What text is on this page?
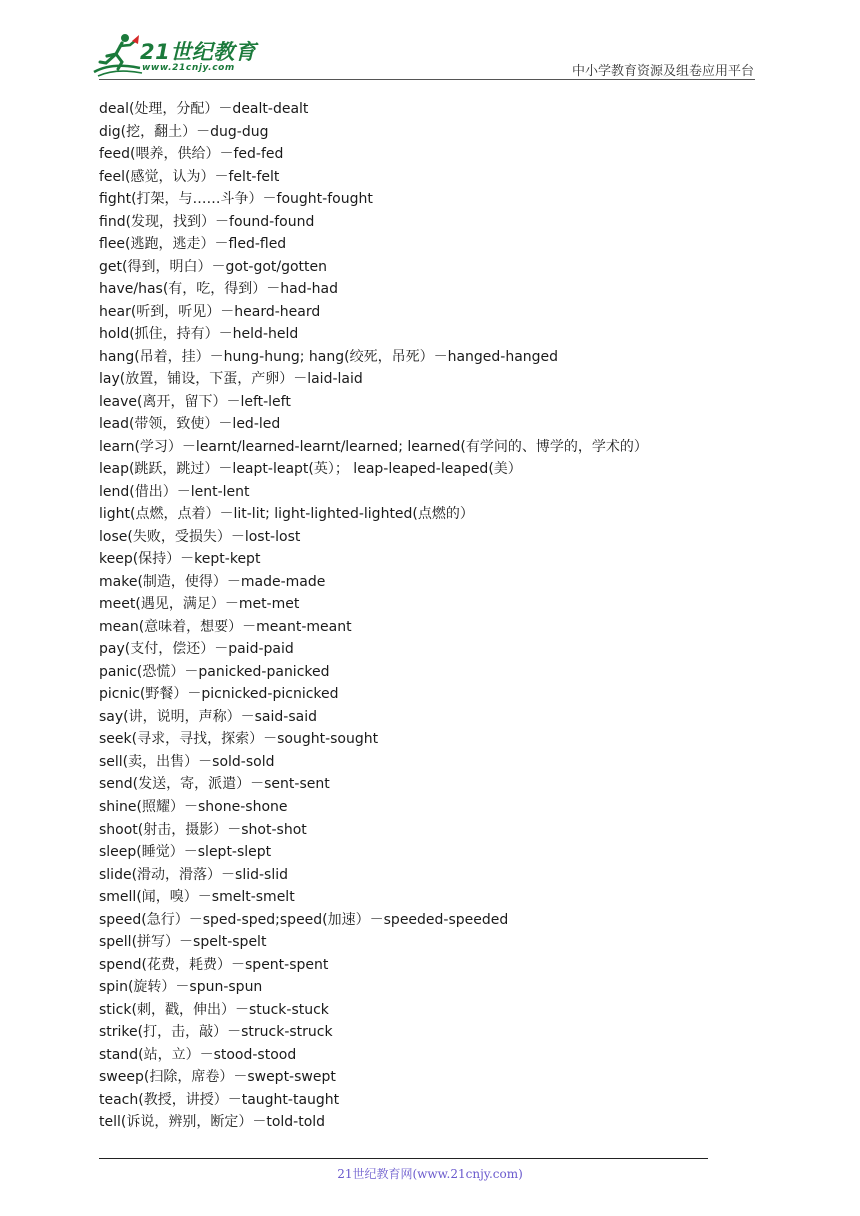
21世纪教育
www.21cnjy.com	中小学教育资源及组卷应用平台
deal(处理，分配）－dealt-dealt
dig(挖，翻土）－dug-dug
feed(喂养，供给）－fed-fed
feel(感觉，认为）－felt-felt
fight(打架，与……斗争）－fought-fought
find(发现，找到）－found-found
flee(逃跑，逃走）－fled-fled
get(得到，明白）－got-got/gotten
have/has(有，吃，得到）－had-had
hear(听到，听见）－heard-heard
hold(抓住，持有）－held-held
hang(吊着，挂）－hung-hung; hang(绞死，吊死）－hanged-hanged
lay(放置，铺设，下蛋，产卵）－laid-laid
leave(离开，留下）－left-left
lead(带领，致使）－led-led
learn(学习）－learnt/learned-learnt/learned; learned(有学问的、博学的，学术的）
leap(跳跃，跳过）－leapt-leapt(英）； leap-leaped-leaped(美）
lend(借出）－lent-lent
light(点燃，点着）－lit-lit; light-lighted-lighted(点燃的）
lose(失败，受损失）－lost-lost
keep(保持）－kept-kept
make(制造，使得）－made-made
meet(遇见，满足）－met-met
mean(意味着，想要）－meant-meant
pay(支付，偿还）－paid-paid
panic(恐慌）－panicked-panicked
picnic(野餐）－picnicked-picnicked
say(讲，说明，声称）－said-said
seek(寻求，寻找，探索）－sought-sought
sell(卖，出售）－sold-sold
send(发送，寄，派遣）－sent-sent
shine(照耀）－shone-shone
shoot(射击，摄影）－shot-shot
sleep(睡觉）－slept-slept
slide(滑动，滑落）－slid-slid
smell(闻，嗅）－smelt-smelt
speed(急行）－sped-sped;speed(加速）－speeded-speeded
spell(拼写）－spelt-spelt
spend(花费，耗费）－spent-spent
spin(旋转）－spun-spun
stick(刺，戳，伸出）－stuck-stuck
strike(打，击，敲）－struck-struck
stand(站，立）－stood-stood
sweep(扫除，席卷）－swept-swept
teach(教授，讲授）－taught-taught
tell(诉说，辨别，断定）－told-told
21世纪教育网(www.21cnjy.com)
